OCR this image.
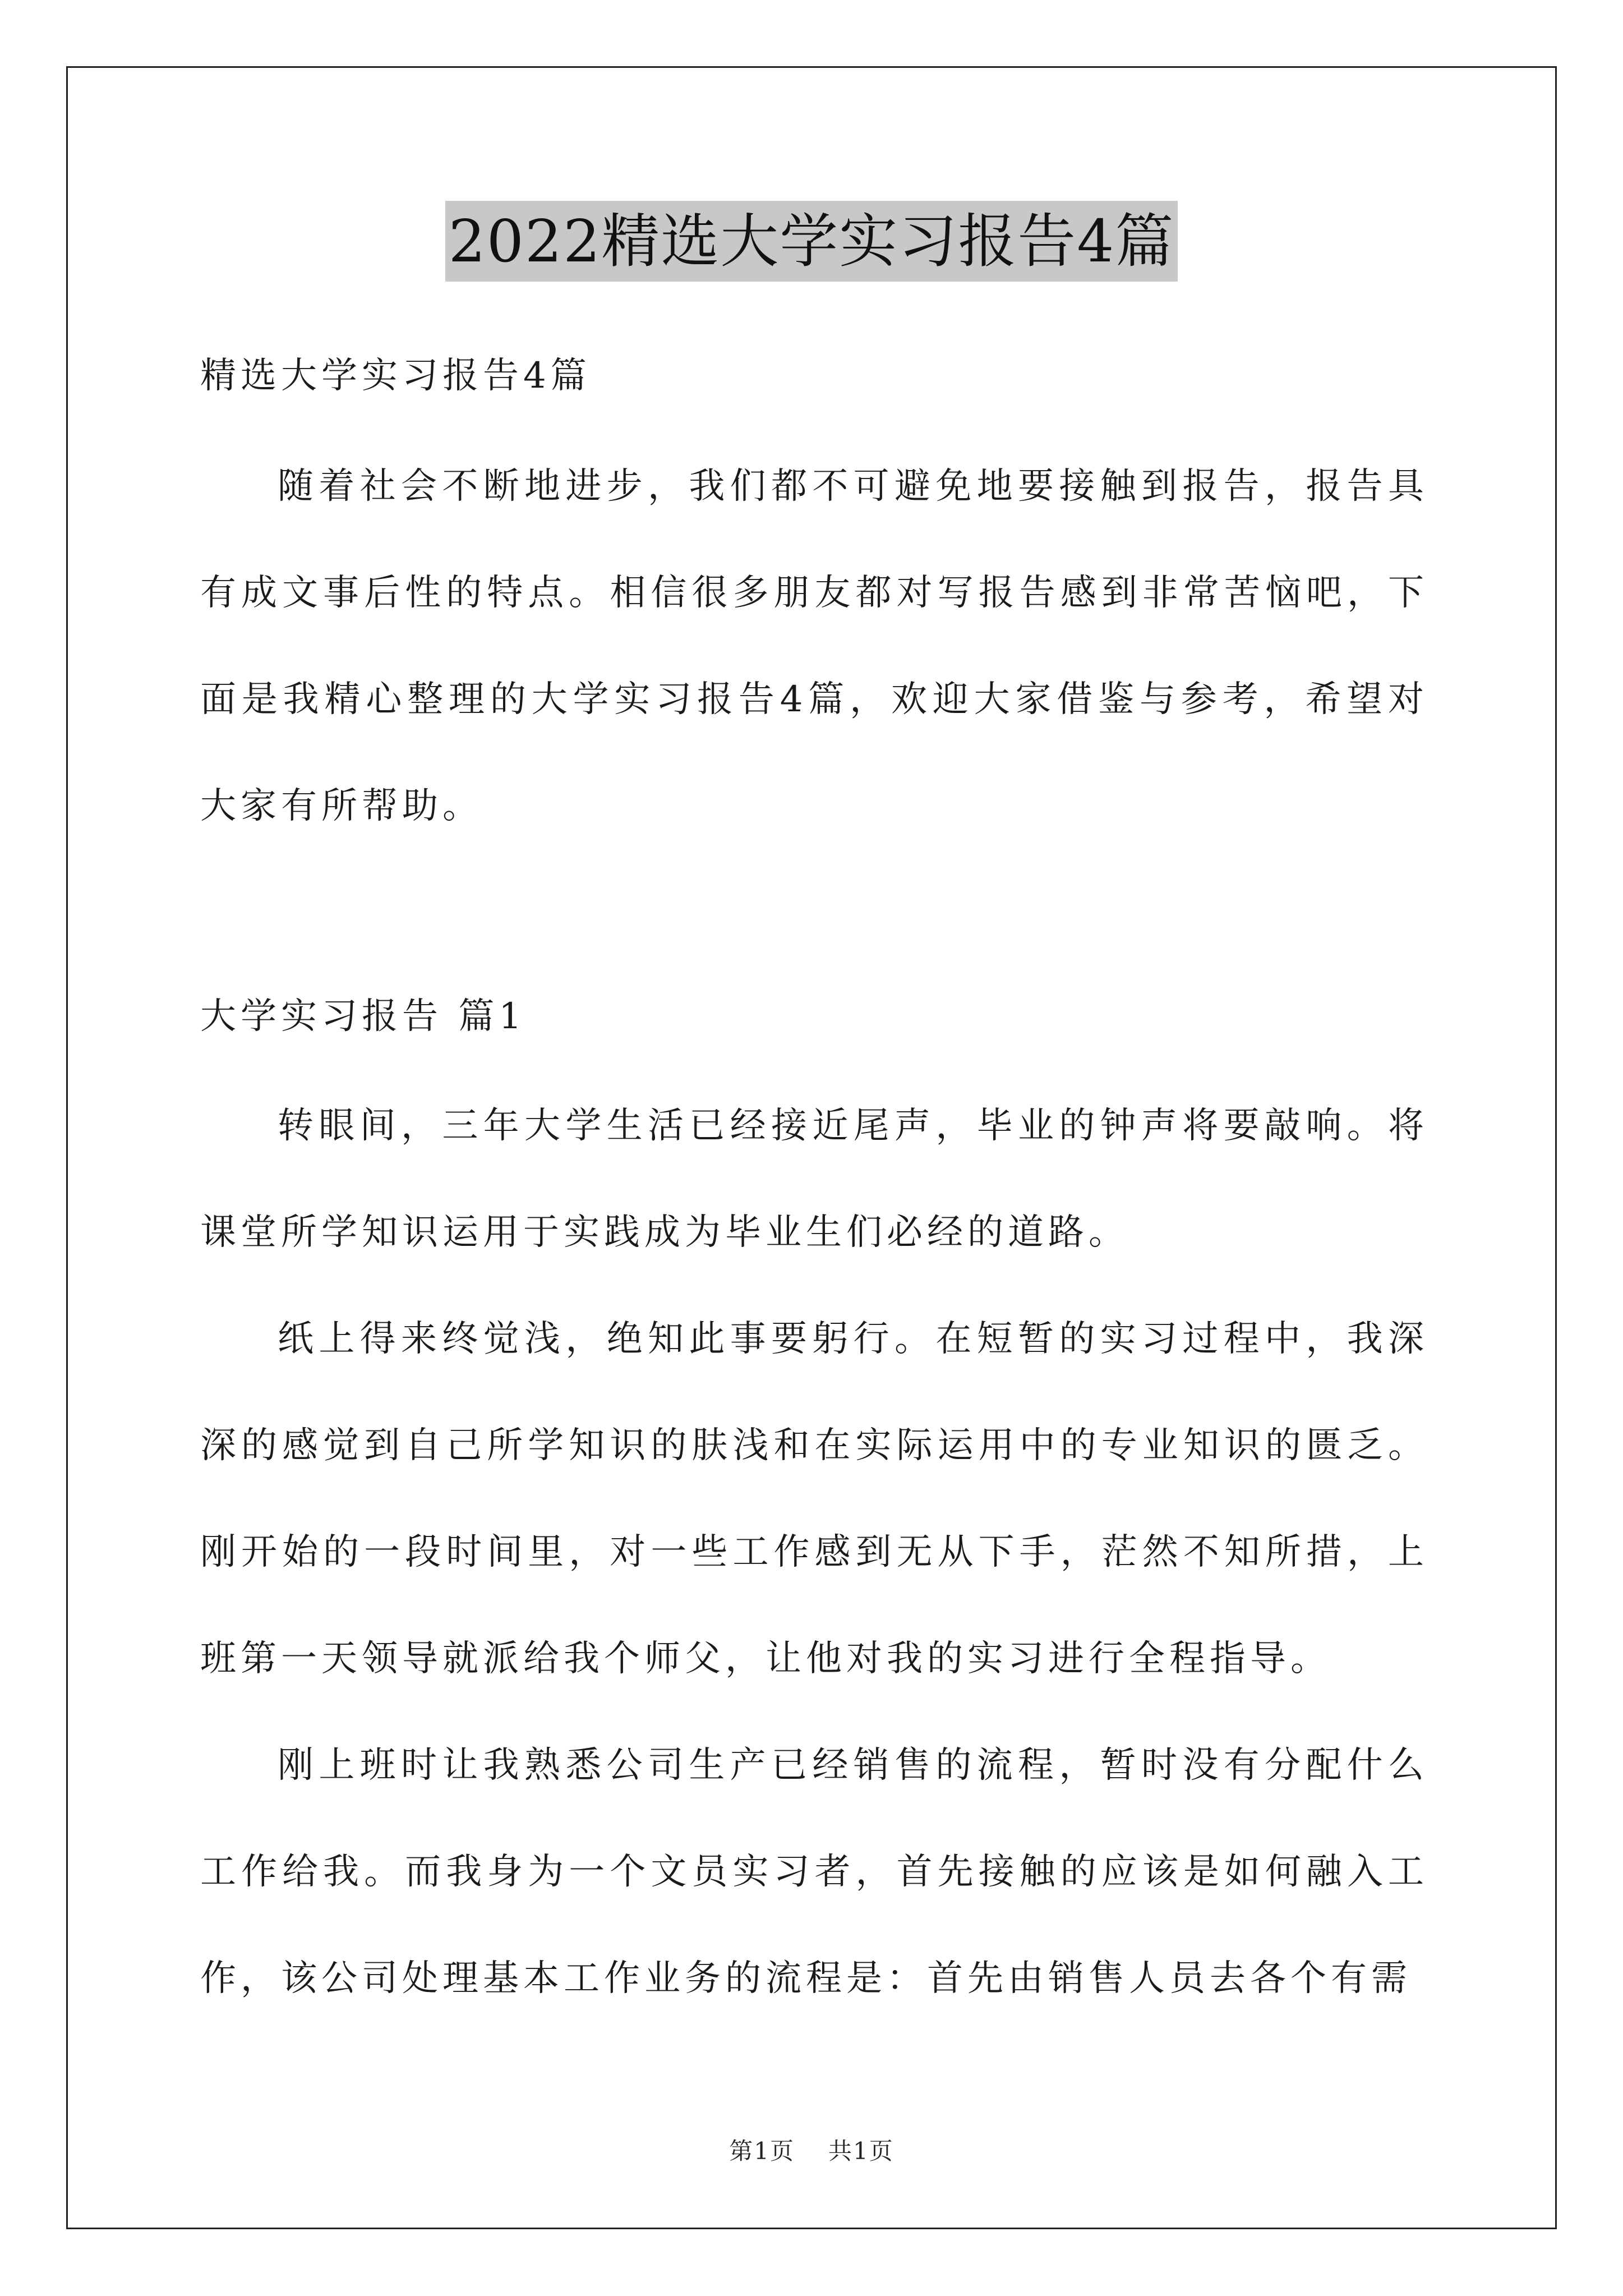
2022精选大学实习报告4篇
精选大学实习报告4篇

随着社会不断地进步，我们都不可避免地要接触到报告，报告具有成文事后性的特点。相信很多朋友都对写报告感到非常苦恼吧，下面是我精心整理的大学实习报告4篇，欢迎大家借鉴与参考，希望对大家有所帮助。

大学实习报告 篇1

转眼间，三年大学生活已经接近尾声，毕业的钟声将要敲响。将课堂所学知识运用于实践成为毕业生们必经的道路。

纸上得来终觉浅，绝知此事要躬行。在短暂的实习过程中，我深深的感觉到自己所学知识的肤浅和在实际运用中的专业知识的匮乏。刚开始的一段时间里，对一些工作感到无从下手，茫然不知所措，上班第一天领导就派给我个师父，让他对我的实习进行全程指导。

刚上班时让我熟悉公司生产已经销售的流程，暂时没有分配什么工作给我。而我身为一个文员实习者，首先接触的应该是如何融入工作，该公司处理基本工作业务的流程是：首先由销售人员去各个有需

第1页 共1页
